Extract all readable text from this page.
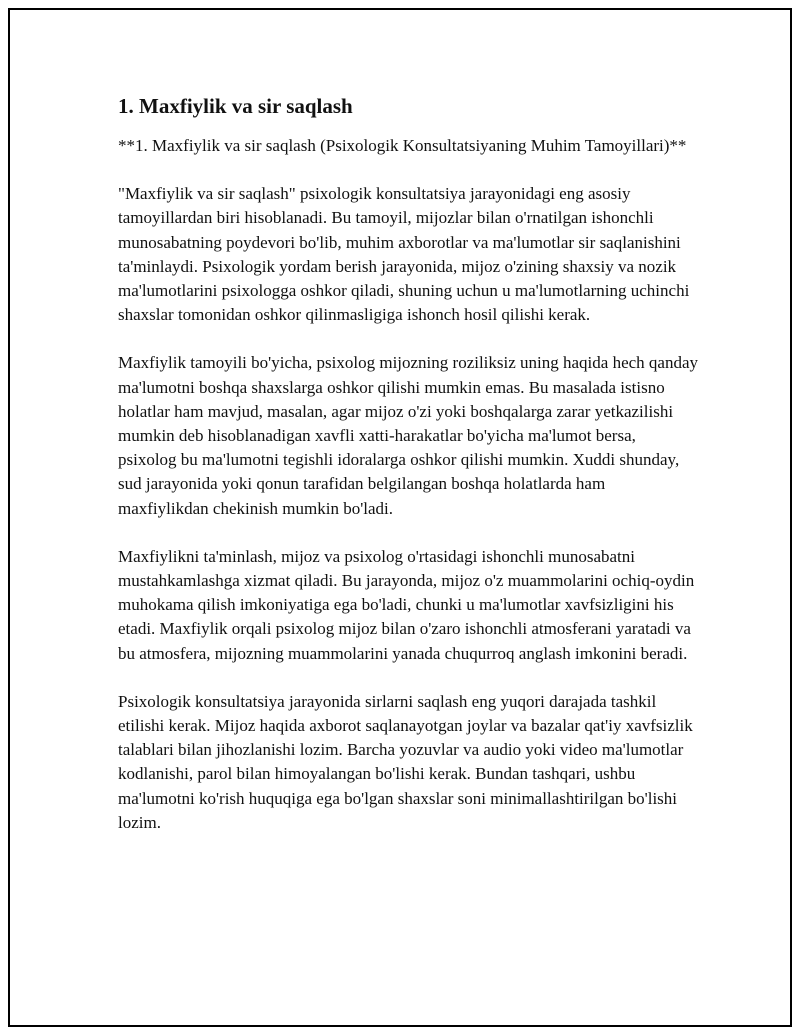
1. Maxfiylik va sir saqlash

**1. Maxfiylik va sir saqlash (Psixologik Konsultatsiyaning Muhim Tamoyillari)**

"Maxfiylik va sir saqlash" psixologik konsultatsiya jarayonidagi eng asosiy tamoyillardan biri hisoblanadi. Bu tamoyil, mijozlar bilan o'rnatilgan ishonchli munosabatning poydevori bo'lib, muhim axborotlar va ma'lumotlar sir saqlanishini ta'minlaydi. Psixologik yordam berish jarayonida, mijoz o'zining shaxsiy va nozik ma'lumotlarini psixologga oshkor qiladi, shuning uchun u ma'lumotlarning uchinchi shaxslar tomonidan oshkor qilinmasligiga ishonch hosil qilishi kerak.

Maxfiylik tamoyili bo'yicha, psixolog mijozning roziliksiz uning haqida hech qanday ma'lumotni boshqa shaxslarga oshkor qilishi mumkin emas. Bu masalada istisno holatlar ham mavjud, masalan, agar mijoz o'zi yoki boshqalarga zarar yetkazilishi mumkin deb hisoblanadigan xavfli xatti-harakatlar bo'yicha ma'lumot bersa, psixolog bu ma'lumotni tegishli idoralarga oshkor qilishi mumkin. Xuddi shunday, sud jarayonida yoki qonun tarafidan belgilangan boshqa holatlarda ham maxfiylikdan chekinish mumkin bo'ladi.

Maxfiylikni ta'minlash, mijoz va psixolog o'rtasidagi ishonchli munosabatni mustahkamlashga xizmat qiladi. Bu jarayonda, mijoz o'z muammolarini ochiq-oydin muhokama qilish imkoniyatiga ega bo'ladi, chunki u ma'lumotlar xavfsizligini his etadi. Maxfiylik orqali psixolog mijoz bilan o'zaro ishonchli atmosferani yaratadi va bu atmosfera, mijozning muammolarini yanada chuqurroq anglash imkonini beradi.

Psixologik konsultatsiya jarayonida sirlarni saqlash eng yuqori darajada tashkil etilishi kerak. Mijoz haqida axborot saqlanayotgan joylar va bazalar qat'iy xavfsizlik talablari bilan jihozlanishi lozim. Barcha yozuvlar va audio yoki video ma'lumotlar kodlanishi, parol bilan himoyalangan bo'lishi kerak. Bundan tashqari, ushbu ma'lumotni ko'rish huquqiga ega bo'lgan shaxslar soni minimallashtirilgan bo'lishi lozim.
